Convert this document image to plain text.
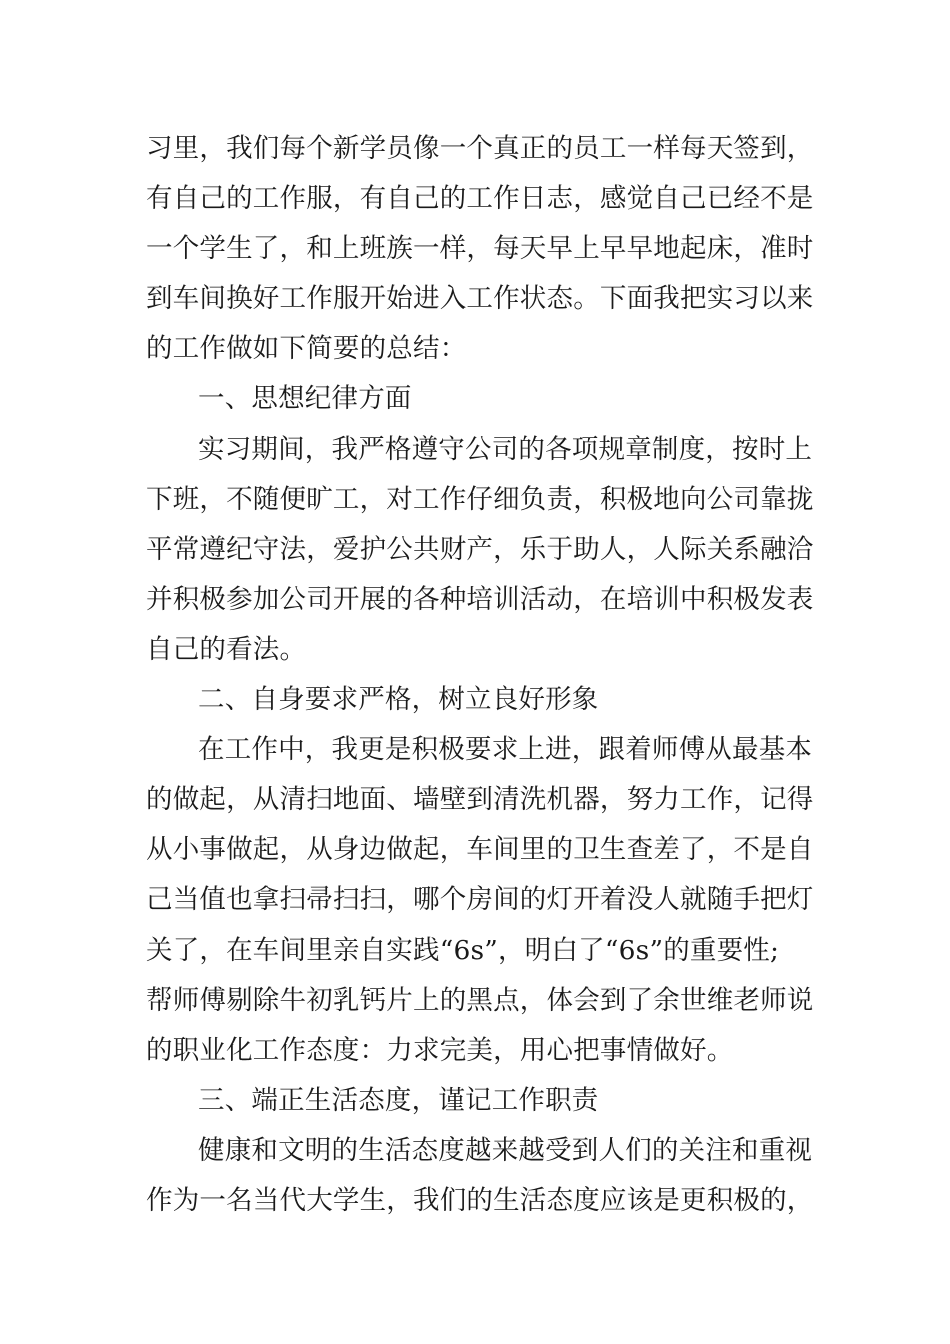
习里，我们每个新学员像一个真正的员工一样每天签到，
有自己的工作服，有自己的工作日志，感觉自己已经不是
一个学生了，和上班族一样，每天早上早早地起床，准时
到车间换好工作服开始进入工作状态。下面我把实习以来
的工作做如下简要的总结：
一、思想纪律方面
实习期间，我严格遵守公司的各项规章制度，按时上
下班，不随便旷工，对工作仔细负责，积极地向公司靠拢
平常遵纪守法，爱护公共财产，乐于助人，人际关系融洽
并积极参加公司开展的各种培训活动，在培训中积极发表
自己的看法。
二、自身要求严格，树立良好形象
在工作中，我更是积极要求上进，跟着师傅从最基本
的做起，从清扫地面、墙壁到清洗机器，努力工作，记得
从小事做起，从身边做起，车间里的卫生查差了，不是自
己当值也拿扫帚扫扫，哪个房间的灯开着没人就随手把灯
关了，在车间里亲自实践“6s”，明白了“6s”的重要性;
帮师傅剔除牛初乳钙片上的黑点，体会到了余世维老师说
的职业化工作态度：力求完美，用心把事情做好。
三、端正生活态度，谨记工作职责
健康和文明的生活态度越来越受到人们的关注和重视
作为一名当代大学生，我们的生活态度应该是更积极的，
